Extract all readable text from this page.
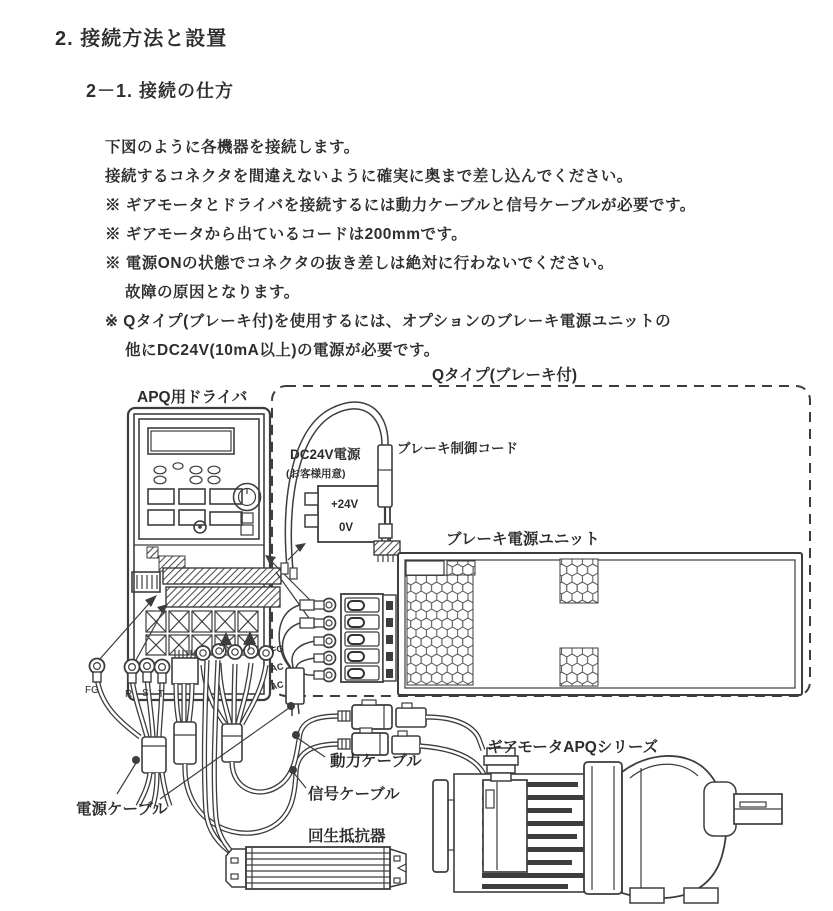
2. 接続方法と設置
2－1. 接続の仕方
下図のように各機器を接続します。
接続するコネクタを間違えないように確実に奥まで差し込んでください。
※ ギアモータとドライバを接続するには動力ケーブルと信号ケーブルが必要です。
※ ギアモータから出ているコードは200mmです。
※ 電源ONの状態でコネクタの抜き差しは絶対に行わないでください。
故障の原因となります。
※ Qタイプ(ブレーキ付)を使用するには、オプションのブレーキ電源ユニットの
他にDC24V(10mA以上)の電源が必要です。
FG	R S T
+24V
0V
DC24V電源
(お客様用意)
ブレーキ制御コード
ブレーキ電源ユニット
FG
AC
AC
ギアモータAPQシリーズ
回生抵抗器
動力ケーブル
信号ケーブル
電源ケーブル
Qタイプ(ブレーキ付)
APQ用ドライバ
